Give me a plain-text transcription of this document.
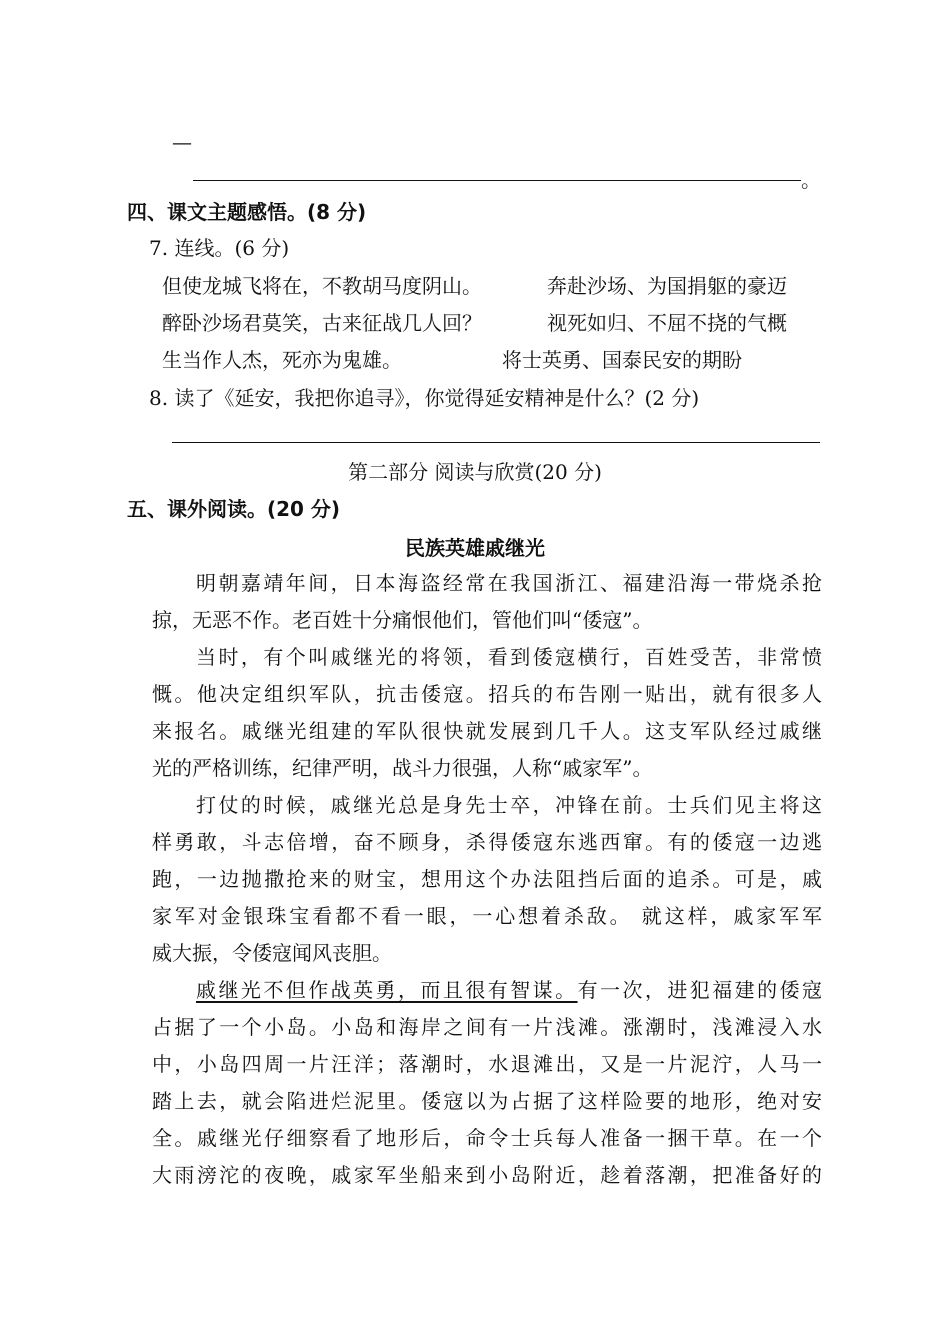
—
。
四、课文主题感悟。(8 分)
7. 连线。(6 分)
但使龙城飞将在，不教胡马度阴山。
醉卧沙场君莫笑，古来征战几人回？
生当作人杰，死亦为鬼雄。
奔赴沙场、为国捐躯的豪迈
视死如归、不屈不挠的气概
将士英勇、国泰民安的期盼
8. 读了《延安，我把你追寻》，你觉得延安精神是什么？(2 分)
第二部分 阅读与欣赏(20 分)
五、课外阅读。(20 分)
民族英雄戚继光
明朝嘉靖年间，日本海盗经常在我国浙江、福建沿海一带烧杀抢
掠，无恶不作。老百姓十分痛恨他们，管他们叫“倭寇”。
当时，有个叫戚继光的将领，看到倭寇横行，百姓受苦，非常愤
慨。他决定组织军队，抗击倭寇。招兵的布告刚一贴出，就有很多人
来报名。戚继光组建的军队很快就发展到几千人。这支军队经过戚继
光的严格训练，纪律严明，战斗力很强，人称“戚家军”。
打仗的时候，戚继光总是身先士卒，冲锋在前。士兵们见主将这
样勇敢，斗志倍增，奋不顾身，杀得倭寇东逃西窜。有的倭寇一边逃
跑，一边抛撒抢来的财宝，想用这个办法阻挡后面的追杀。可是，戚
家军对金银珠宝看都不看一眼，一心想着杀敌。 就这样，戚家军军
威大振，令倭寇闻风丧胆。
戚继光不但作战英勇，而且很有智谋。有一次，进犯福建的倭寇
占据了一个小岛。小岛和海岸之间有一片浅滩。涨潮时，浅滩浸入水
中，小岛四周一片汪洋；落潮时，水退滩出，又是一片泥泞，人马一
踏上去，就会陷进烂泥里。倭寇以为占据了这样险要的地形，绝对安
全。戚继光仔细察看了地形后，命令士兵每人准备一捆干草。在一个
大雨滂沱的夜晚，戚家军坐船来到小岛附近，趁着落潮，把准备好的
